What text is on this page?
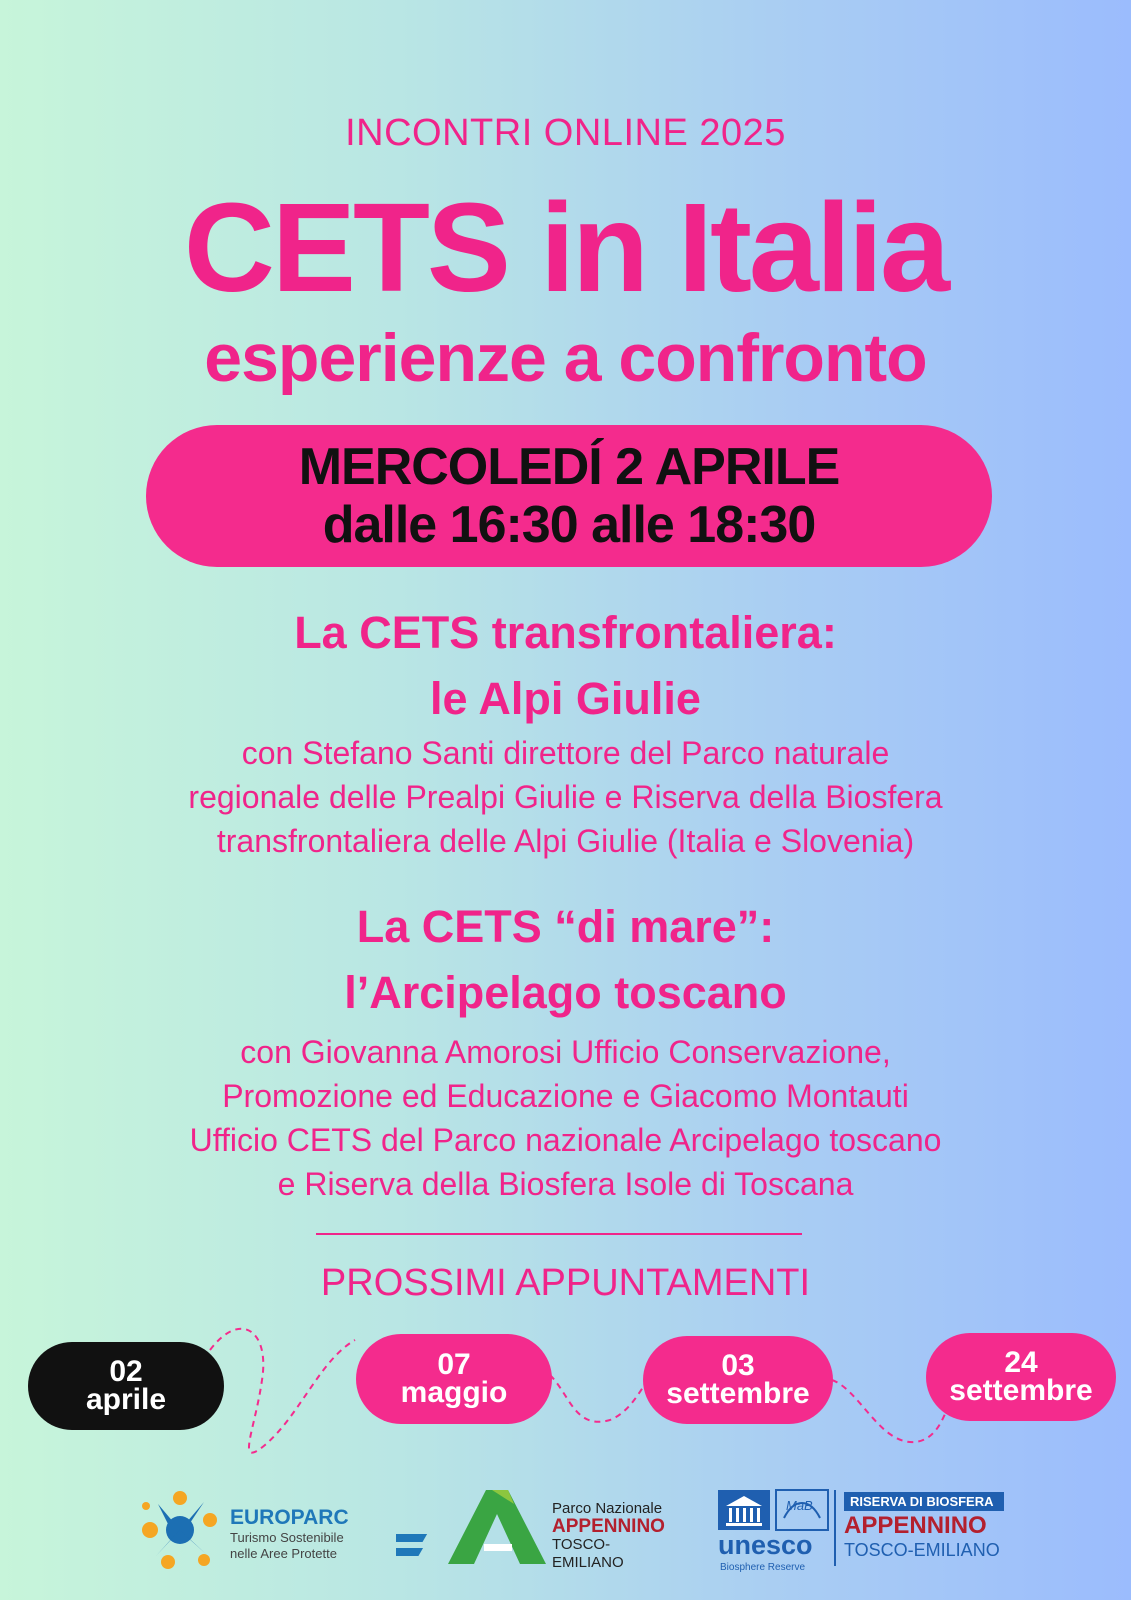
INCONTRI ONLINE 2025
CETS in Italia
esperienze a confronto
MERCOLEDÍ 2 APRILE
dalle 16:30 alle 18:30
La CETS transfrontaliera:
le Alpi Giulie
con Stefano Santi direttore del Parco naturale
regionale delle Prealpi Giulie e Riserva della Biosfera
transfrontaliera delle Alpi Giulie (Italia e Slovenia)
La CETS “di mare”:
l’Arcipelago toscano
con Giovanna Amorosi Ufficio Conservazione,
Promozione ed Educazione e Giacomo Montauti
Ufficio CETS del Parco nazionale Arcipelago toscano
e Riserva della Biosfera Isole di Toscana
PROSSIMI APPUNTAMENTI
02
aprile
07
maggio
03
settembre
24
settembre
EUROPARC
Turismo Sostenibile
nelle Aree Protette
Parco Nazionale
APPENNINO
TOSCO-EMILIANO
MaB
unesco
Biosphere Reserve
RISERVA DI BIOSFERA
APPENNINO
TOSCO-EMILIANO
